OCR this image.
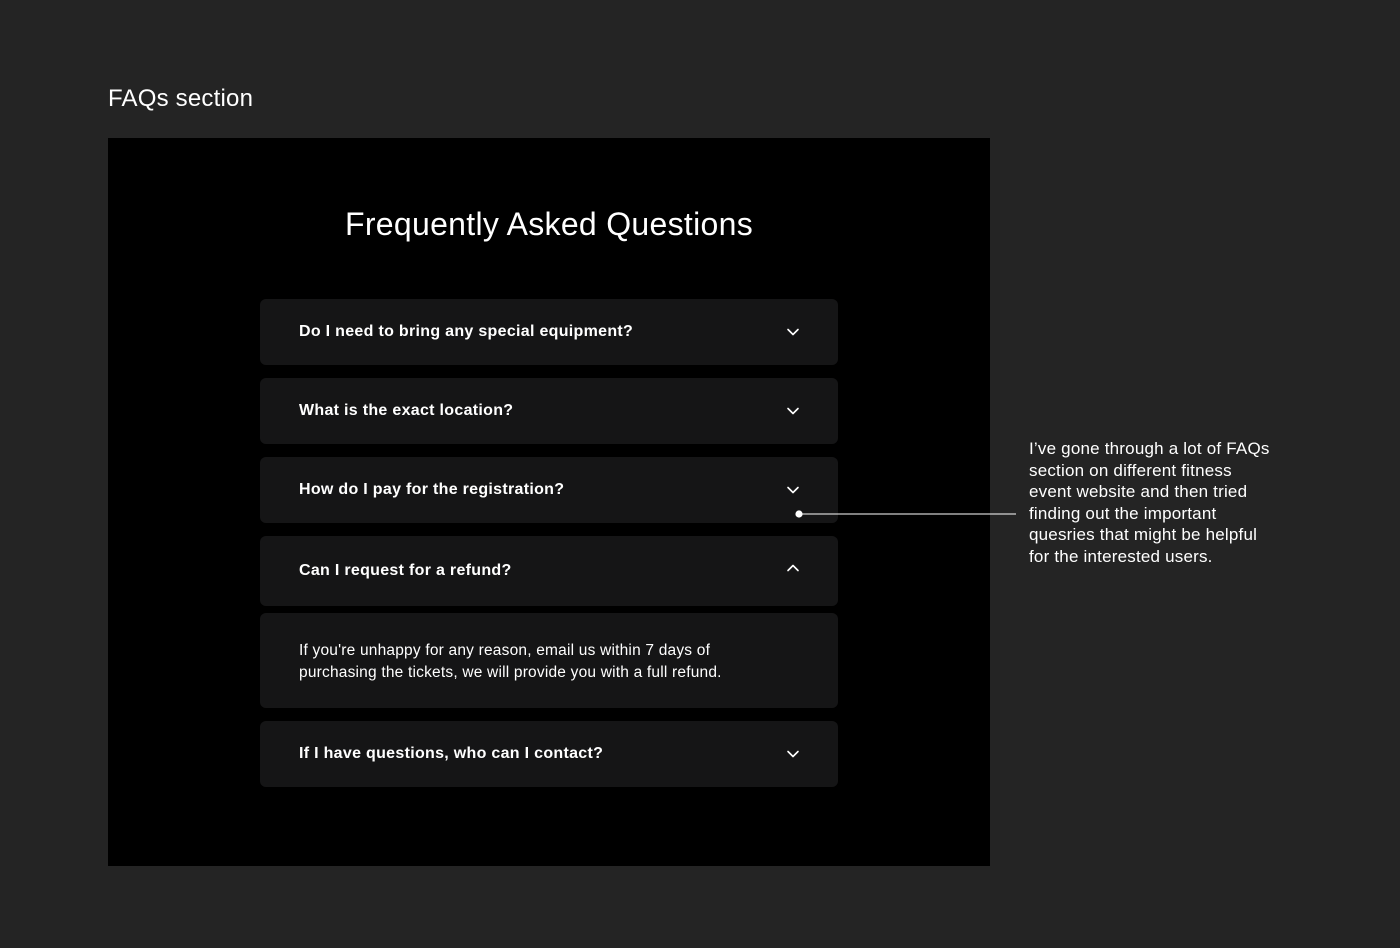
FAQs section
Frequently Asked Questions
Do I need to bring any special equipment?
What is the exact location?
How do I pay for the registration?
Can I request for a refund?
If you're unhappy for any reason, email us within 7 days of purchasing the tickets, we will provide you with a full refund.
If I have questions, who can I contact?
I’ve gone through a lot of FAQs section on different fitness event website and then tried finding out the important quesries that might be helpful for the interested users.
